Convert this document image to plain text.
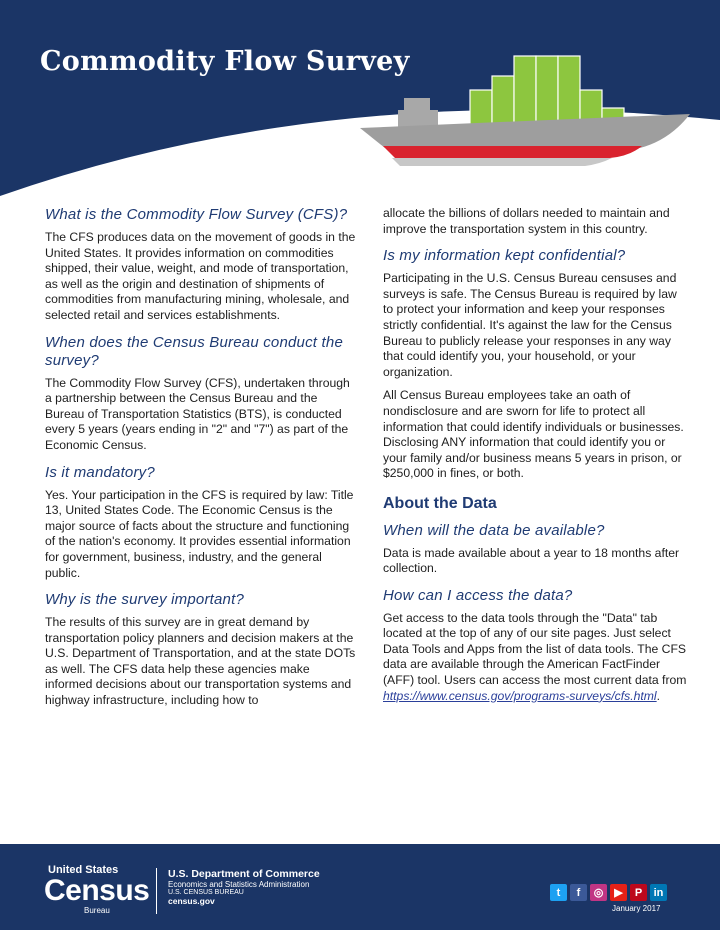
Commodity Flow Survey
What is the Commodity Flow Survey (CFS)?

The CFS produces data on the movement of goods in the United States. It provides information on commodities shipped, their value, weight, and mode of transportation, as well as the origin and destination of shipments of commodities from manufacturing mining, wholesale, and selected retail and services establishments.

When does the Census Bureau conduct the survey?

The Commodity Flow Survey (CFS), undertaken through a partnership between the Census Bureau and the Bureau of Transportation Statistics (BTS), is conducted every 5 years (years ending in "2" and "7") as part of the Economic Census.

Is it mandatory?

Yes. Your participation in the CFS is required by law: Title 13, United States Code. The Economic Census is the major source of facts about the structure and functioning of the nation's economy. It provides essential information for government, business, industry, and the general public.

Why is the survey important?

The results of this survey are in great demand by transportation policy planners and decision makers at the U.S. Department of Transportation, and at the state DOTs as well. The CFS data help these agencies make informed decisions about our transportation systems and highway infrastructure, including how to

allocate the billions of dollars needed to maintain and improve the transportation system in this country.

Is my information kept confidential?

Participating in the U.S. Census Bureau censuses and surveys is safe. The Census Bureau is required by law to protect your information and keep your responses strictly confidential. It's against the law for the Census Bureau to publicly release your responses in any way that could identify you, your household, or your organization.

All Census Bureau employees take an oath of nondisclosure and are sworn for life to protect all information that could identify individuals or businesses. Disclosing ANY information that could identify you or your family and/or business means 5 years in prison, or $250,000 in fines, or both.

About the Data
When will the data be available?

Data is made available about a year to 18 months after collection.

How can I access the data?

Get access to the data tools through the "Data" tab located at the top of any of our site pages. Just select Data Tools and Apps from the list of data tools. The CFS data are available through the American FactFinder (AFF) tool. Users can access the most current data from https://www.census.gov/programs-surveys/cfs.html.

United States
Census
Bureau
U.S. Department of Commerce
Economics and Statistics Administration
U.S. CENSUS BUREAU
census.gov
t	f	◎ ▶	P	in
January 2017
